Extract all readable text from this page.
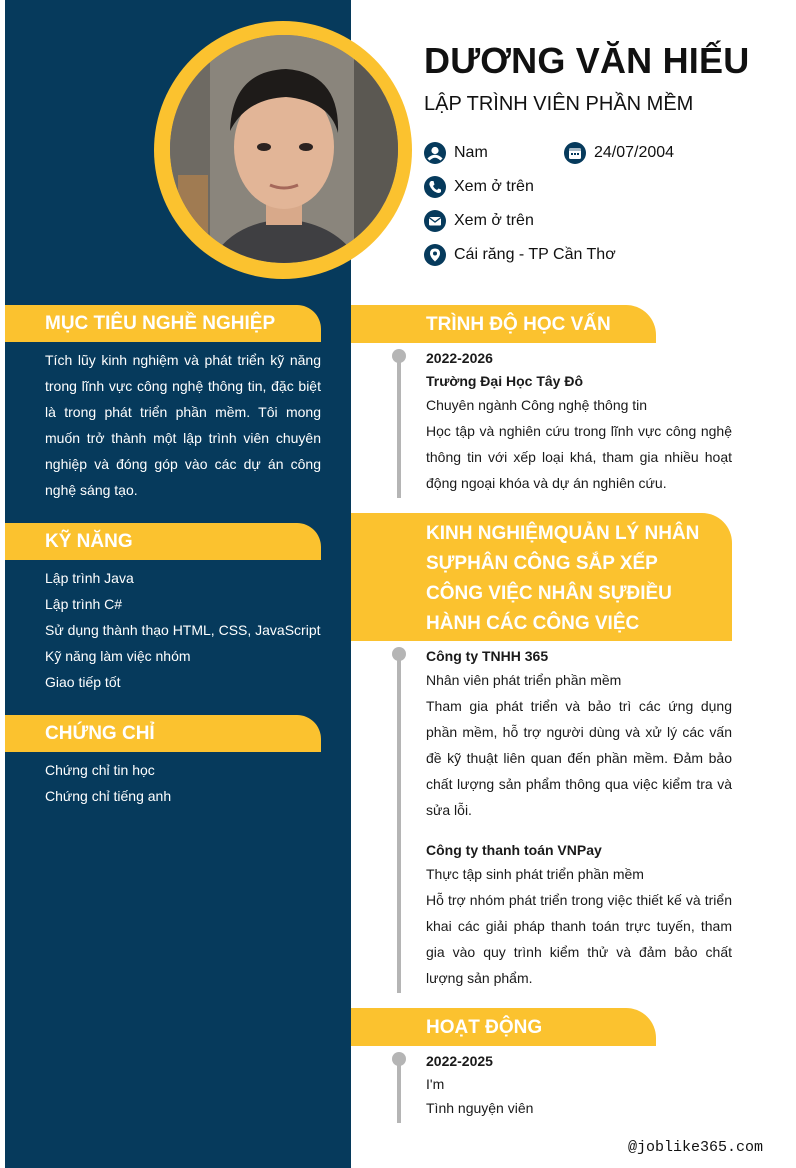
DƯƠNG VĂN HIẾU
LẬP TRÌNH VIÊN PHẦN MỀM
Nam	24/07/2004
Xem ở trên
Xem ở trên
Cái răng - TP Cần Thơ
MỤC TIÊU NGHỀ NGHIỆP

Tích lũy kinh nghiệm và phát triển kỹ năng trong lĩnh vực công nghệ thông tin, đặc biệt là trong phát triển phần mềm. Tôi mong muốn trở thành một lập trình viên chuyên nghiệp và đóng góp vào các dự án công nghệ sáng tạo.

KỸ NĂNG
Lập trình Java
Lập trình C#
Sử dụng thành thạo HTML, CSS, JavaScript
Kỹ năng làm việc nhóm
Giao tiếp tốt
CHỨNG CHỈ
Chứng chỉ tin học
Chứng chỉ tiếng anh
TRÌNH ĐỘ HỌC VẤN
2022-2026
Trường Đại Học Tây Đô
Chuyên ngành Công nghệ thông tin
Học tập và nghiên cứu trong lĩnh vực công nghệ thông tin với xếp loại khá, tham gia nhiều hoạt động ngoại khóa và dự án nghiên cứu.
KINH NGHIỆMQUẢN LÝ NHÂN
SỰPHÂN CÔNG SẮP XẾP
CÔNG VIỆC NHÂN SỰĐIỀU
HÀNH CÁC CÔNG VIỆC
Công ty TNHH 365
Nhân viên phát triển phần mềm
Tham gia phát triển và bảo trì các ứng dụng phần mềm, hỗ trợ người dùng và xử lý các vấn đề kỹ thuật liên quan đến phần mềm. Đảm bảo chất lượng sản phẩm thông qua việc kiểm tra và sửa lỗi.
Công ty thanh toán VNPay
Thực tập sinh phát triển phần mềm
Hỗ trợ nhóm phát triển trong việc thiết kế và triển khai các giải pháp thanh toán trực tuyến, tham gia vào quy trình kiểm thử và đảm bảo chất lượng sản phẩm.
HOẠT ĐỘNG
2022-2025
I'm
Tình nguyện viên
@joblike365.com
